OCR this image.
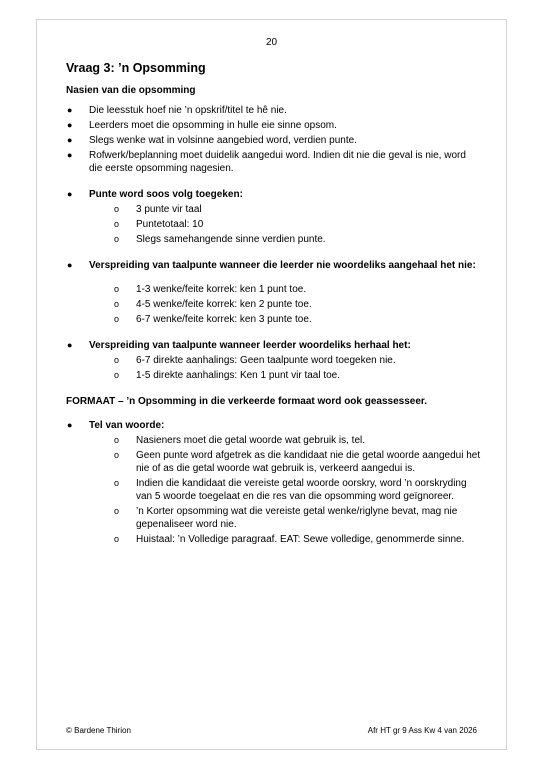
20
Vraag 3: ’n Opsomming
Nasien van die opsomming
● Die leesstuk hoef nie ’n opskrif/titel te hê nie.
● Leerders moet die opsomming in hulle eie sinne opsom.
● Slegs wenke wat in volsinne aangebied word, verdien punte.
● Rofwerk/beplanning moet duidelik aangedui word. Indien dit nie die geval is nie, word die eerste opsomming nagesien.
● Punte word soos volg toegeken:
o 3 punte vir taal
o Puntetotaal: 10
o Slegs samehangende sinne verdien punte.
● Verspreiding van taalpunte wanneer die leerder nie woordeliks aangehaal het nie:
o 1-3 wenke/feite korrek: ken 1 punt toe.
o 4-5 wenke/feite korrek: ken 2 punte toe.
o 6-7 wenke/feite korrek: ken 3 punte toe.
● Verspreiding van taalpunte wanneer leerder woordeliks herhaal het:
o 6-7 direkte aanhalings: Geen taalpunte word toegeken nie.
o 1-5 direkte aanhalings: Ken 1 punt vir taal toe.
FORMAAT – ’n Opsomming in die verkeerde formaat word ook geassesseer.
● Tel van woorde:
o Nasieners moet die getal woorde wat gebruik is, tel.
o Geen punte word afgetrek as die kandidaat nie die getal woorde aangedui het nie of as die getal woorde wat gebruik is, verkeerd aangedui is.
o Indien die kandidaat die vereiste getal woorde oorskry, word ’n oorskryding van 5 woorde toegelaat en die res van die opsomming word geïgnoreer.
o ’n Korter opsomming wat die vereiste getal wenke/riglyne bevat, mag nie gepenaliseer word nie.
o Huistaal: ’n Volledige paragraaf. EAT: Sewe volledige, genommerde sinne.
© Bardene Thirion	Afr HT gr 9 Ass Kw 4 van 2026
